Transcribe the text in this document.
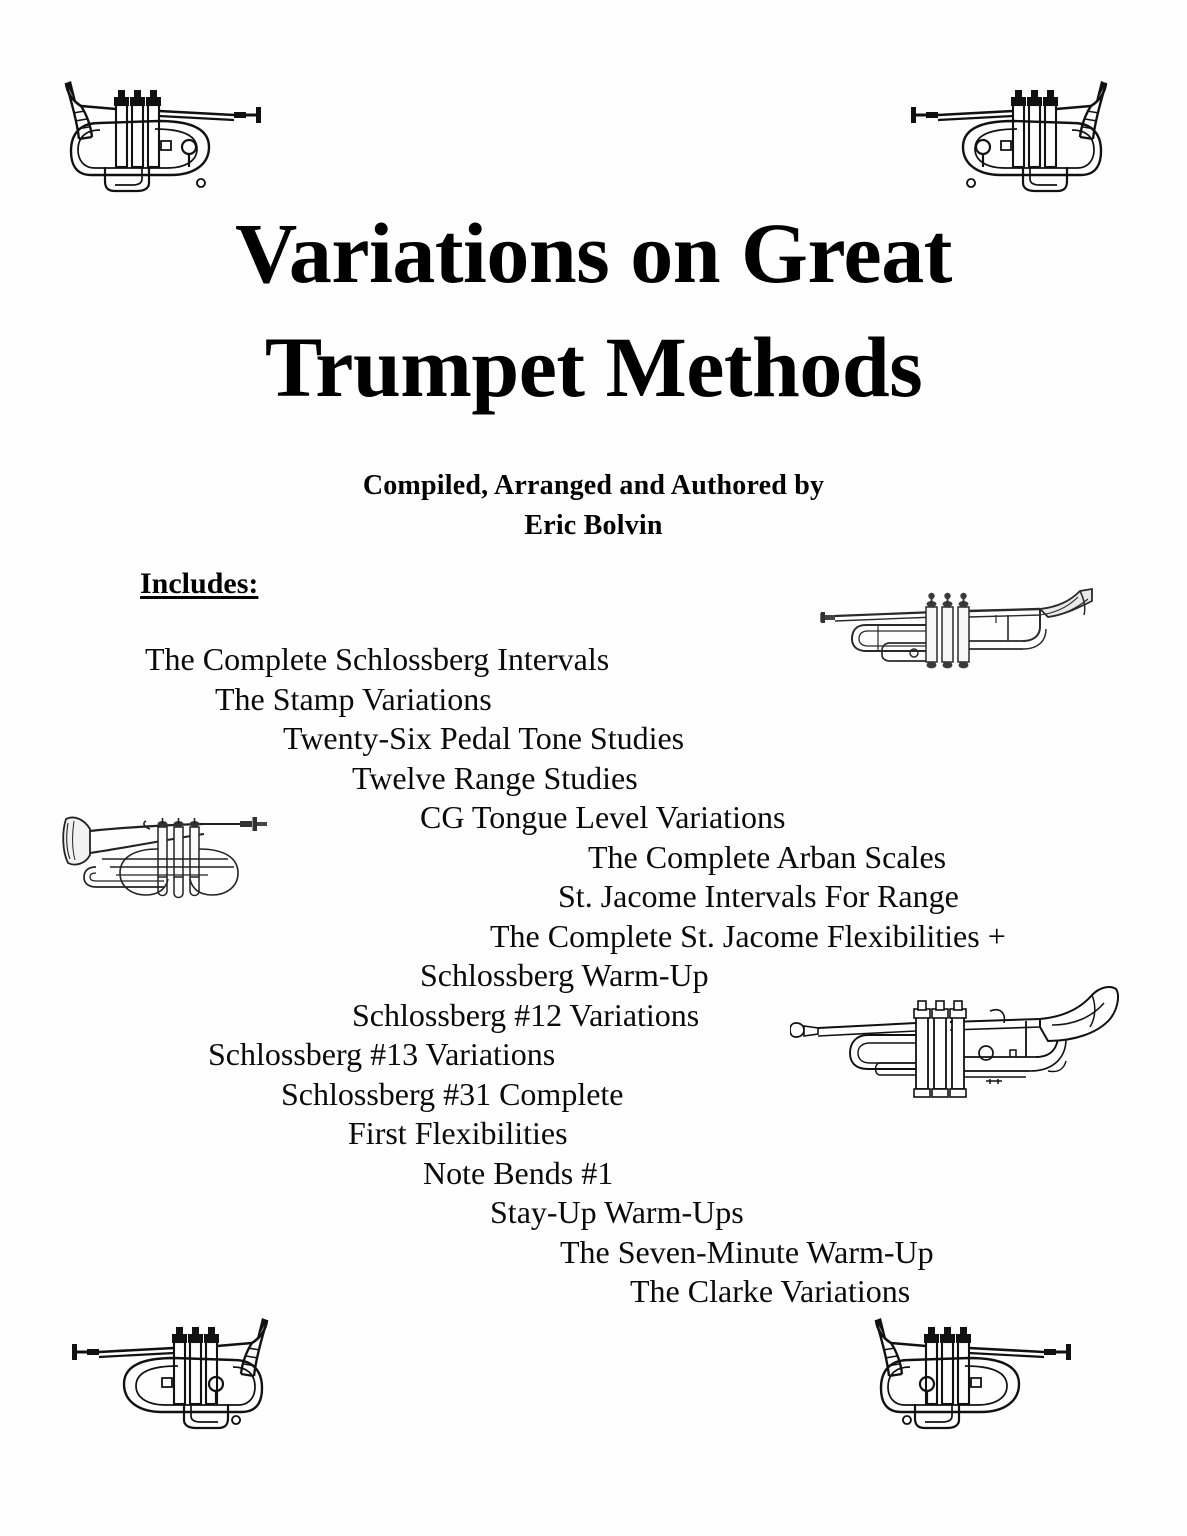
Variations on Great
Trumpet Methods
Compiled, Arranged and Authored by
Eric Bolvin
Includes:
The Complete Schlossberg Intervals
The Stamp Variations
Twenty-Six Pedal Tone Studies
Twelve Range Studies
CG Tongue Level Variations
The Complete Arban Scales
St. Jacome Intervals For Range
The Complete St. Jacome Flexibilities +
Schlossberg Warm-Up
Schlossberg #12 Variations
Schlossberg #13 Variations
Schlossberg #31 Complete
First Flexibilities
Note Bends #1
Stay-Up Warm-Ups
The Seven-Minute Warm-Up
The Clarke Variations
